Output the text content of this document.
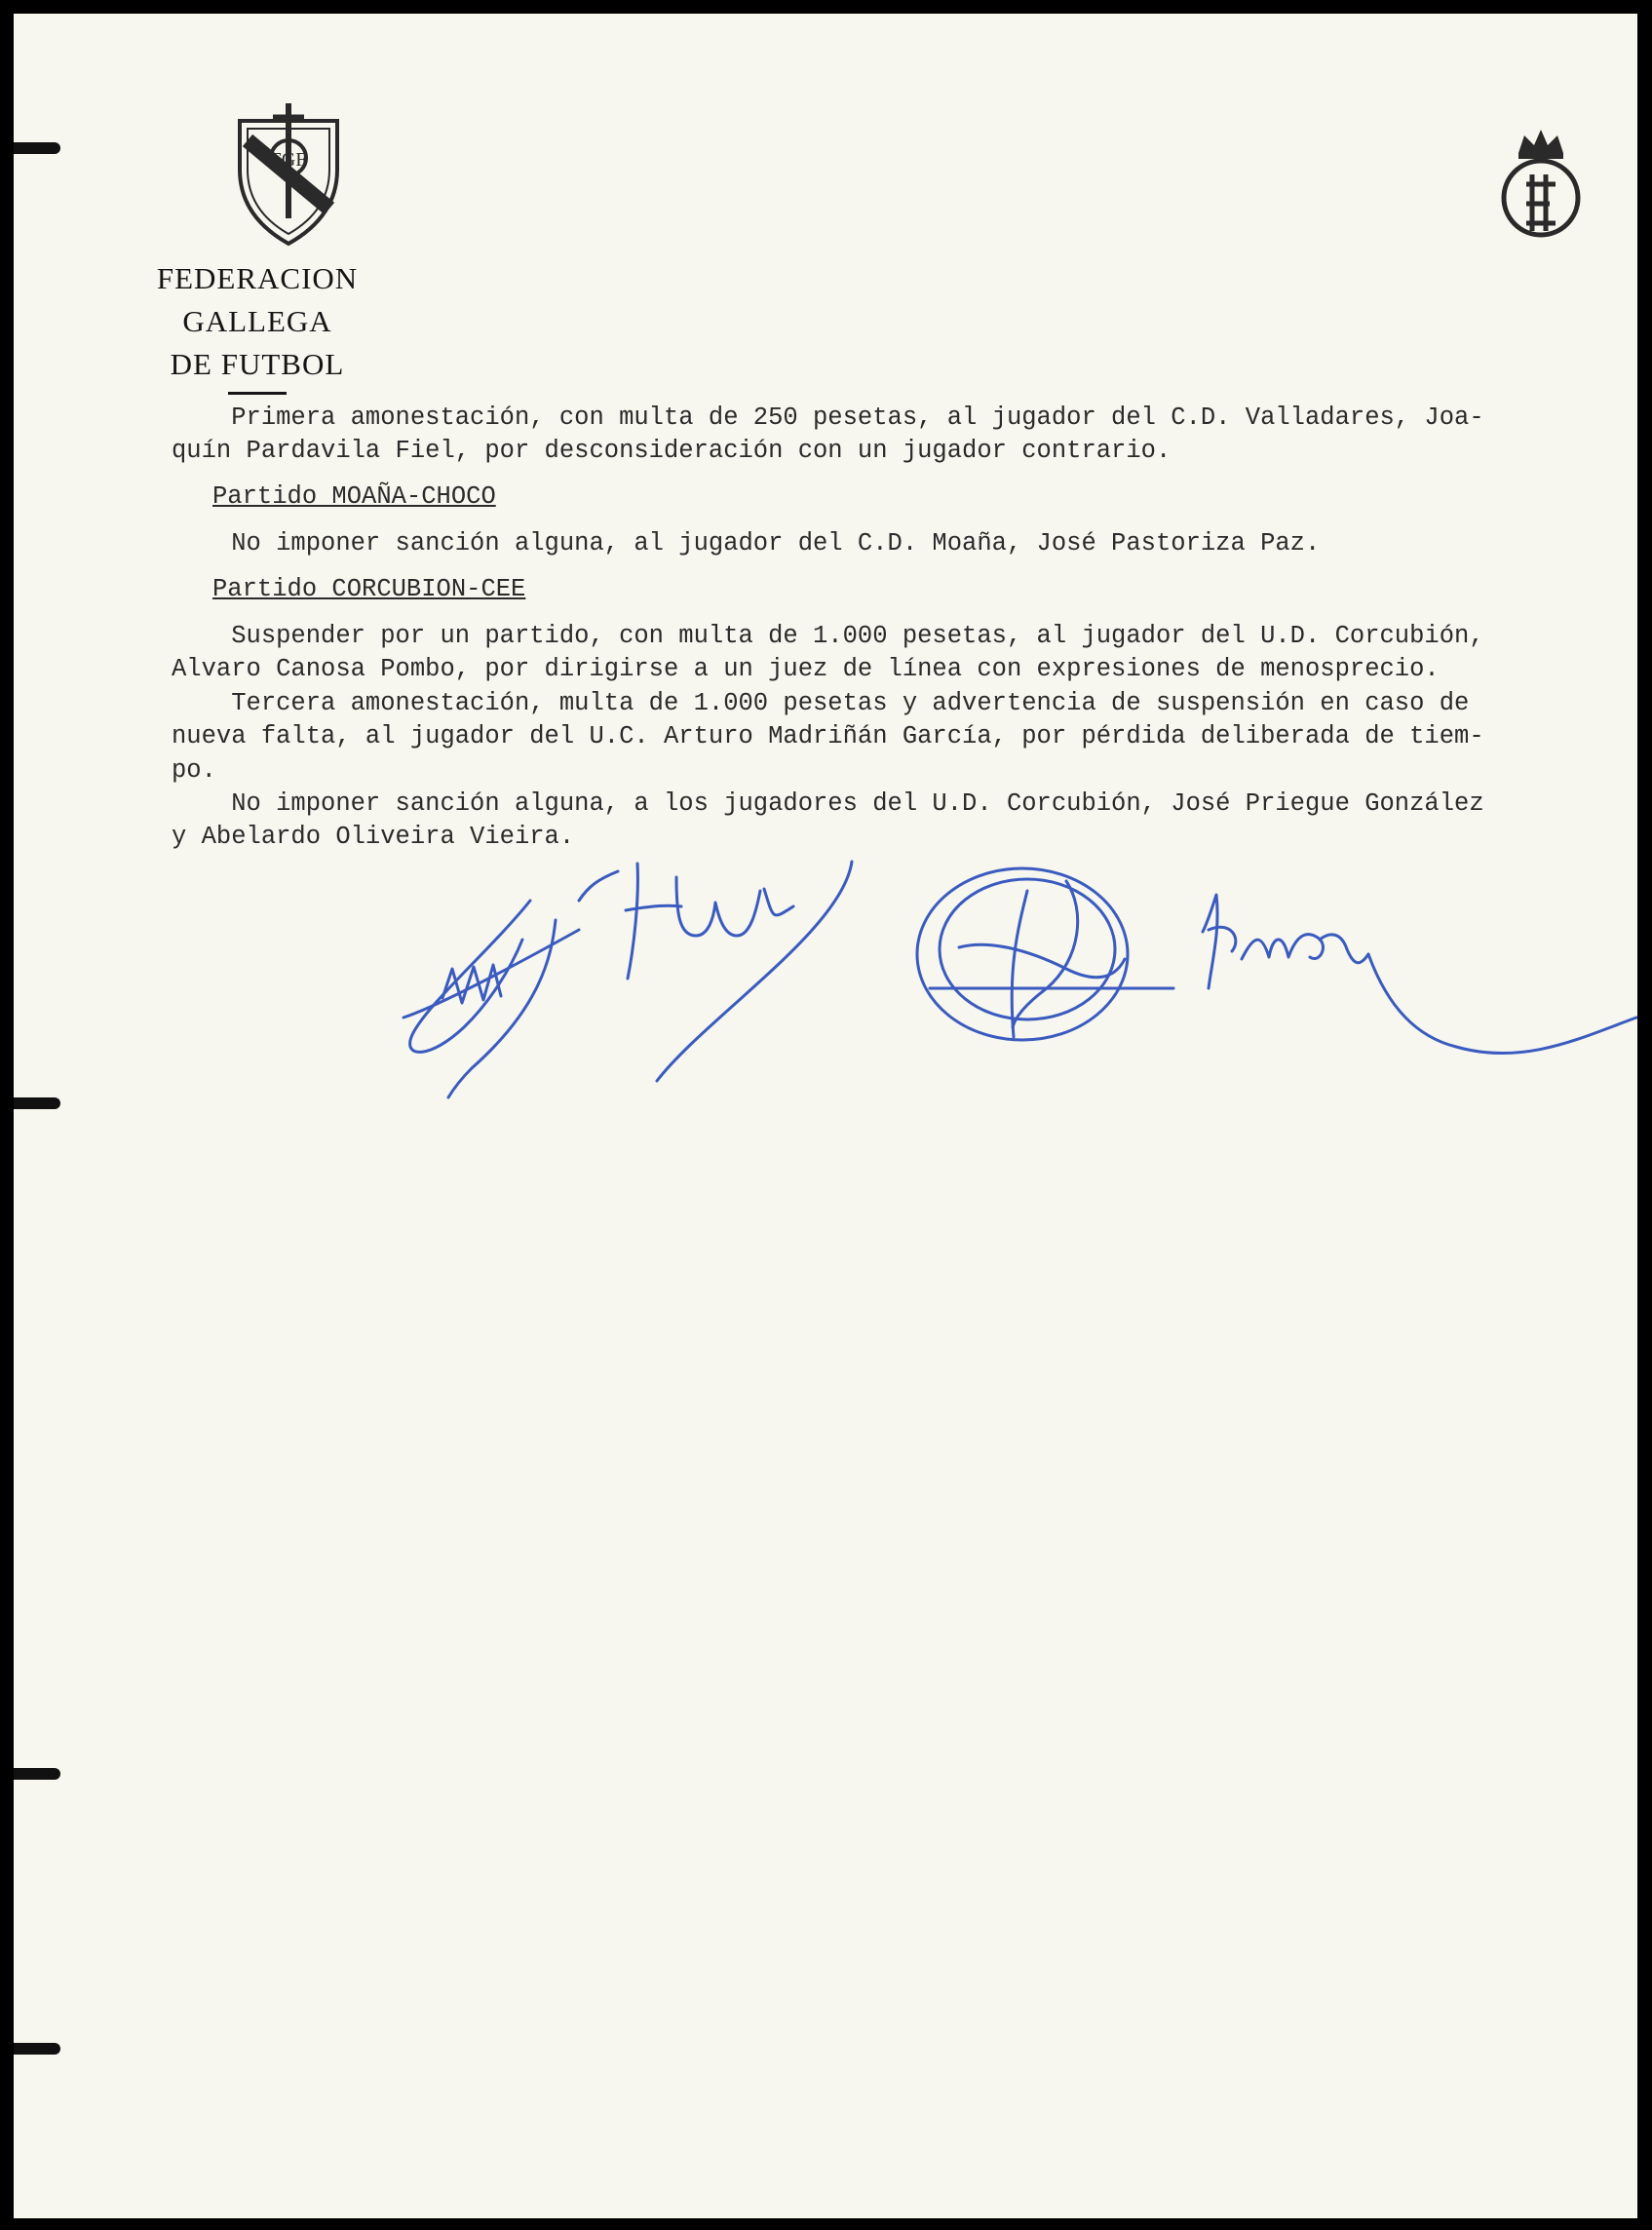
FGF
FEDERACION GALLEGA
DE FUTBOL

Primera amonestación, con multa de 250 pesetas, al jugador del C.D. Valladares, Joa-

quín Pardavila Fiel, por desconsideración con un jugador contrario.

Partido MOAÑA-CHOCO

No imponer sanción alguna, al jugador del C.D. Moaña, José Pastoriza Paz.

Partido CORCUBION-CEE

Suspender por un partido, con multa de 1.000 pesetas, al jugador del U.D. Corcubión,

Alvaro Canosa Pombo, por dirigirse a un juez de línea con expresiones de menosprecio.

Tercera amonestación, multa de 1.000 pesetas y advertencia de suspensión en caso de

nueva falta, al jugador del U.C. Arturo Madriñán García, por pérdida deliberada de tiem-

po.

No imponer sanción alguna, a los jugadores del U.D. Corcubión, José Priegue González

y Abelardo Oliveira Vieira.
